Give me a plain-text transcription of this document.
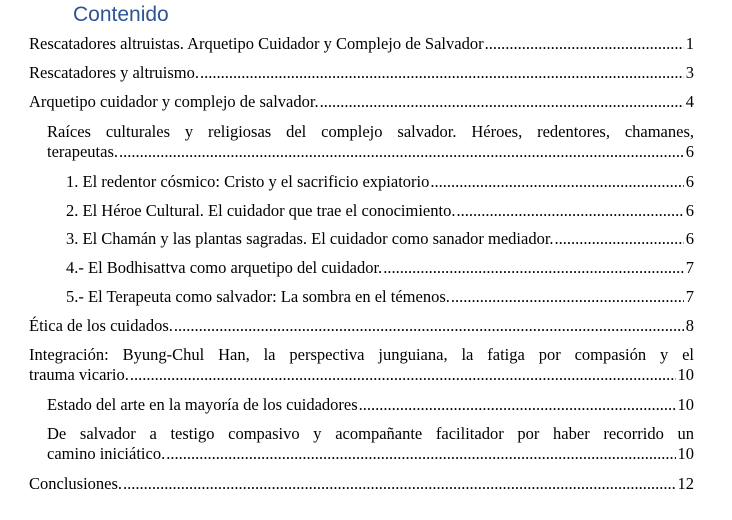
Contenido
Rescatadores altruistas. Arquetipo Cuidador y Complejo de Salvador .....	1
Rescatadores y altruismo. .....	3
Arquetipo cuidador y complejo de salvador. .....	4
Raíces culturales y religiosas del complejo salvador. Héroes, redentores, chamanes,
terapeutas. .....	6
1. El redentor cósmico: Cristo y el sacrificio expiatorio .....	6
2. El Héroe Cultural. El cuidador que trae el conocimiento. .....	6
3. El Chamán y las plantas sagradas. El cuidador como sanador mediador. .....	6
4.- El Bodhisattva como arquetipo del cuidador. .....	7
5.- El Terapeuta como salvador: La sombra en el témenos. .....	7
Ética de los cuidados. .....	8
Integración: Byung-Chul Han, la perspectiva junguiana, la fatiga por compasión y el
trauma vicario. .....	10
Estado del arte en la mayoría de los cuidadores .....	10
De salvador a testigo compasivo y acompañante facilitador por haber recorrido un
camino iniciático. .....	10
Conclusiones. .....	12
